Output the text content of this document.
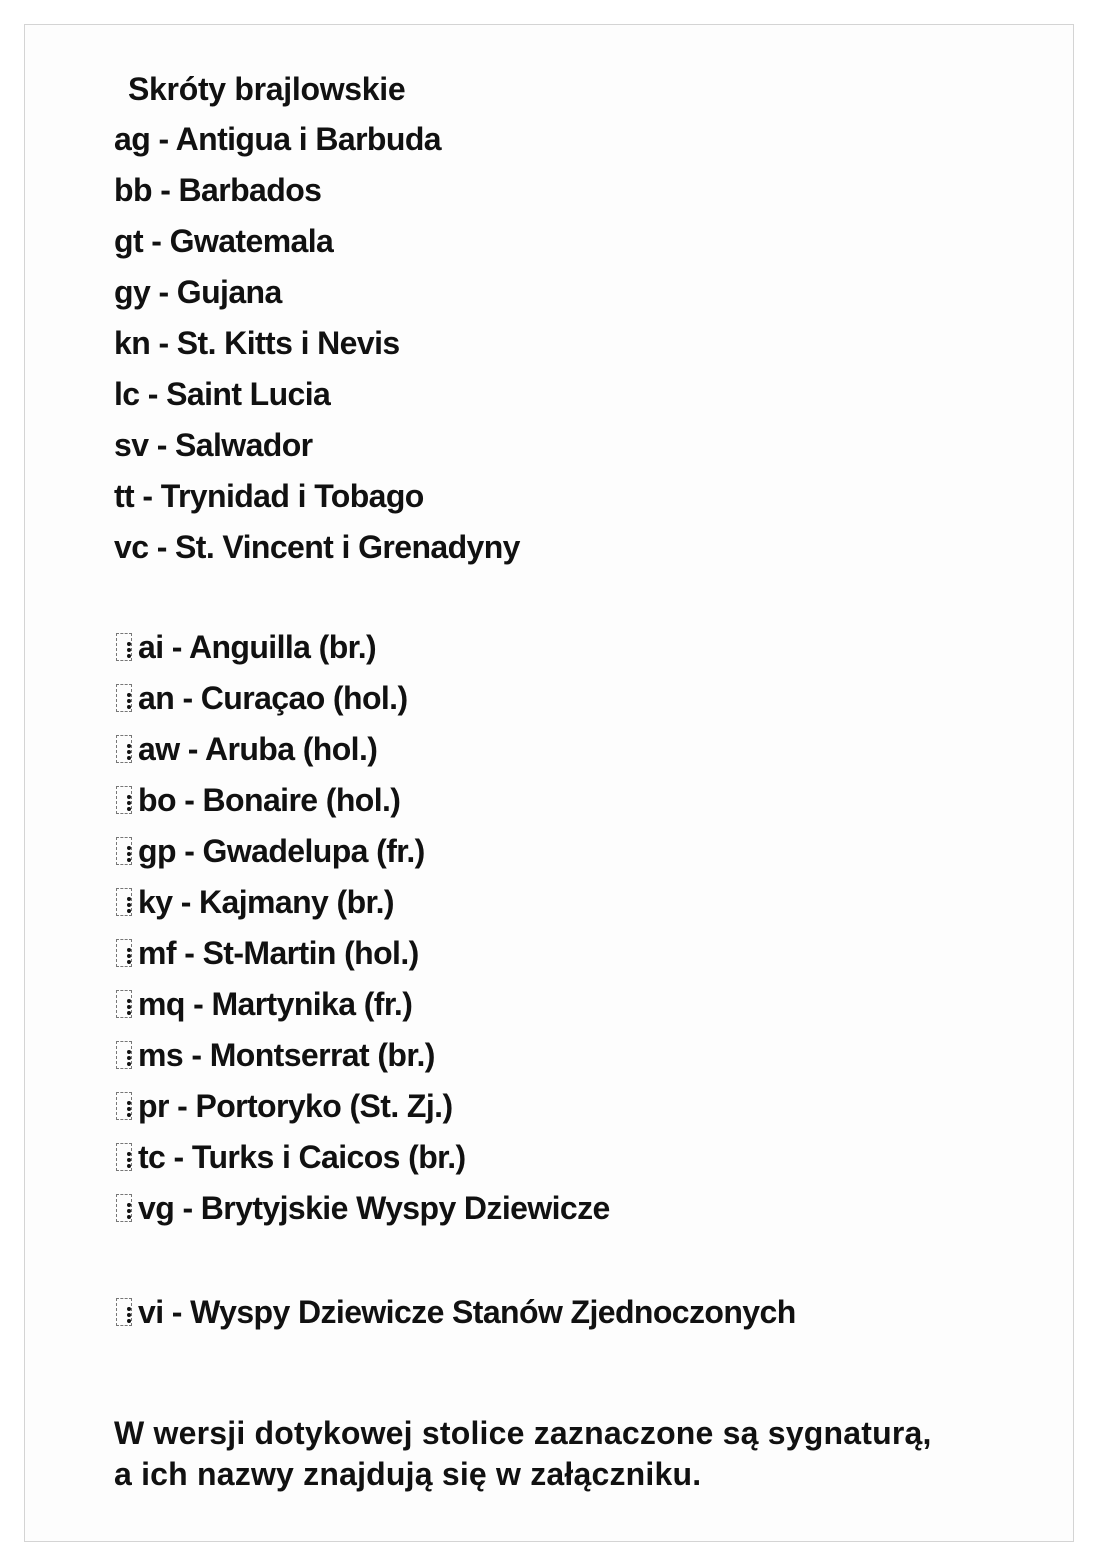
Skróty brajlowskie
ag - Antigua i Barbuda
bb - Barbados
gt - Gwatemala
gy - Gujana
kn - St. Kitts i Nevis
lc - Saint Lucia
sv - Salwador
tt - Trynidad i Tobago
vc - St. Vincent i Grenadyny
ai - Anguilla (br.)
an - Curaçao (hol.)
aw - Aruba (hol.)
bo - Bonaire (hol.)
gp - Gwadelupa (fr.)
ky - Kajmany (br.)
mf - St-Martin (hol.)
mq - Martynika (fr.)
ms - Montserrat (br.)
pr - Portoryko (St. Zj.)
tc - Turks i Caicos (br.)
vg - Brytyjskie Wyspy Dziewicze
vi - Wyspy Dziewicze Stanów Zjednoczonych

W wersji dotykowej stolice zaznaczone są sygnaturą,
a ich nazwy znajdują się w załączniku.
